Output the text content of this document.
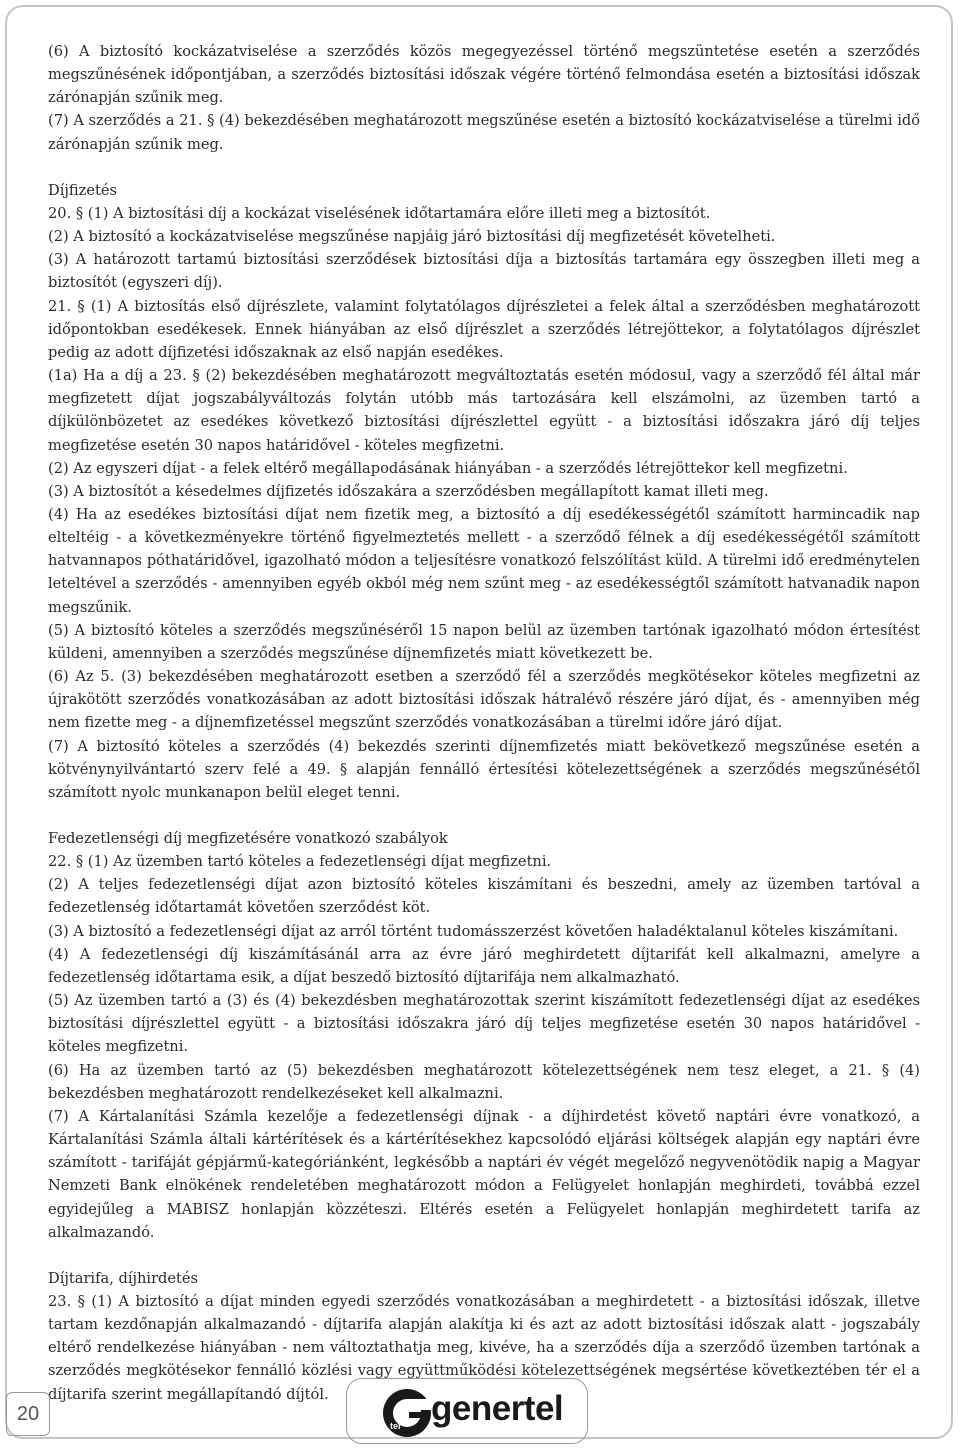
(6) A biztosító kockázatviselése a szerződés közös megegyezéssel történő megszüntetése esetén a szerződés megszűnésének időpontjában, a szerződés biztosítási időszak végére történő felmondása esetén a biztosítási időszak zárónapján szűnik meg.

(7) A szerződés a 21. § (4) bekezdésében meghatározott megszűnése esetén a biztosító kockázatviselése a türelmi idő zárónapján szűnik meg.

Díjfizetés

20. § (1) A biztosítási díj a kockázat viselésének időtartamára előre illeti meg a biztosítót.

(2) A biztosító a kockázatviselése megszűnése napjáig járó biztosítási díj megfizetését követelheti.

(3) A határozott tartamú biztosítási szerződések biztosítási díja a biztosítás tartamára egy összegben illeti meg a biztosítót (egyszeri díj).

21. § (1) A biztosítás első díjrészlete, valamint folytatólagos díjrészletei a felek által a szerződésben meghatározott időpontokban esedékesek. Ennek hiányában az első díjrészlet a szerződés létrejöttekor, a folytatólagos díjrészlet pedig az adott díjfizetési időszaknak az első napján esedékes.

(1a) Ha a díj a 23. § (2) bekezdésében meghatározott megváltoztatás esetén módosul, vagy a szerződő fél által már megfizetett díjat jogszabályváltozás folytán utóbb más tartozására kell elszámolni, az üzemben tartó a díjkülönbözetet az esedékes következő biztosítási díjrészlettel együtt - a biztosítási időszakra járó díj teljes megfizetése esetén 30 napos határidővel - köteles megfizetni.

(2) Az egyszeri díjat - a felek eltérő megállapodásának hiányában - a szerződés létrejöttekor kell megfizetni.

(3) A biztosítót a késedelmes díjfizetés időszakára a szerződésben megállapított kamat illeti meg.

(4) Ha az esedékes biztosítási díjat nem fizetik meg, a biztosító a díj esedékességétől számított harmincadik nap elteltéig - a következményekre történő figyelmeztetés mellett - a szerződő félnek a díj esedékességétől számított hatvannapos póthatáridővel, igazolható módon a teljesítésre vonatkozó felszólítást küld. A türelmi idő eredménytelen leteltével a szerződés - amennyiben egyéb okból még nem szűnt meg - az esedékességtől számított hatvanadik napon megszűnik.

(5) A biztosító köteles a szerződés megszűnéséről 15 napon belül az üzemben tartónak igazolható módon értesítést küldeni, amennyiben a szerződés megszűnése díjnemfizetés miatt következett be.

(6) Az 5. (3) bekezdésében meghatározott esetben a szerződő fél a szerződés megkötésekor köteles megfizetni az újrakötött szerződés vonatkozásában az adott biztosítási időszak hátralévő részére járó díjat, és - amennyiben még nem fizette meg - a díjnemfizetéssel megszűnt szerződés vonatkozásában a türelmi időre járó díjat.

(7) A biztosító köteles a szerződés (4) bekezdés szerinti díjnemfizetés miatt bekövetkező megszűnése esetén a kötvénynyilvántartó szerv felé a 49. § alapján fennálló értesítési kötelezettségének a szerződés megszűnésétől számított nyolc munkanapon belül eleget tenni.

Fedezetlenségi díj megfizetésére vonatkozó szabályok

22. § (1) Az üzemben tartó köteles a fedezetlenségi díjat megfizetni.

(2) A teljes fedezetlenségi díjat azon biztosító köteles kiszámítani és beszedni, amely az üzemben tartóval a fedezetlenség időtartamát követően szerződést köt.

(3) A biztosító a fedezetlenségi díjat az arról történt tudomásszerzést követően haladéktalanul köteles kiszámítani.

(4) A fedezetlenségi díj kiszámításánál arra az évre járó meghirdetett díjtarifát kell alkalmazni, amelyre a fedezetlenség időtartama esik, a díjat beszedő biztosító díjtarifája nem alkalmazható.

(5) Az üzemben tartó a (3) és (4) bekezdésben meghatározottak szerint kiszámított fedezetlenségi díjat az esedékes biztosítási díjrészlettel együtt - a biztosítási időszakra járó díj teljes megfizetése esetén 30 napos határidővel - köteles megfizetni.

(6) Ha az üzemben tartó az (5) bekezdésben meghatározott kötelezettségének nem tesz eleget, a 21. § (4) bekezdésben meghatározott rendelkezéseket kell alkalmazni.

(7) A Kártalanítási Számla kezelője a fedezetlenségi díjnak - a díjhirdetést követő naptári évre vonatkozó, a Kártalanítási Számla általi kártérítések és a kártérítésekhez kapcsolódó eljárási költségek alapján egy naptári évre számított - tarifáját gépjármű-kategóriánként, legkésőbb a naptári év végét megelőző negyvenötödik napig a Magyar Nemzeti Bank elnökének rendeletében meghatározott módon a Felügyelet honlapján meghirdeti, továbbá ezzel egyidejűleg a MABISZ honlapján közzéteszi. Eltérés esetén a Felügyelet honlapján meghirdetett tarifa az alkalmazandó.

Díjtarifa, díjhirdetés

23. § (1) A biztosító a díjat minden egyedi szerződés vonatkozásában a meghirdetett - a biztosítási időszak, illetve tartam kezdőnapján alkalmazandó - díjtarifa alapján alakítja ki és azt az adott biztosítási időszak alatt - jogszabály eltérő rendelkezése hiányában - nem változtathatja meg, kivéve, ha a szerződés díja a szerződő üzemben tartónak a szerződés megkötésekor fennálló közlési vagy együttműködési kötelezettségének megsértése következtében tér el a díjtarifa szerint megállapítandó díjtól.

20
tel genertel
